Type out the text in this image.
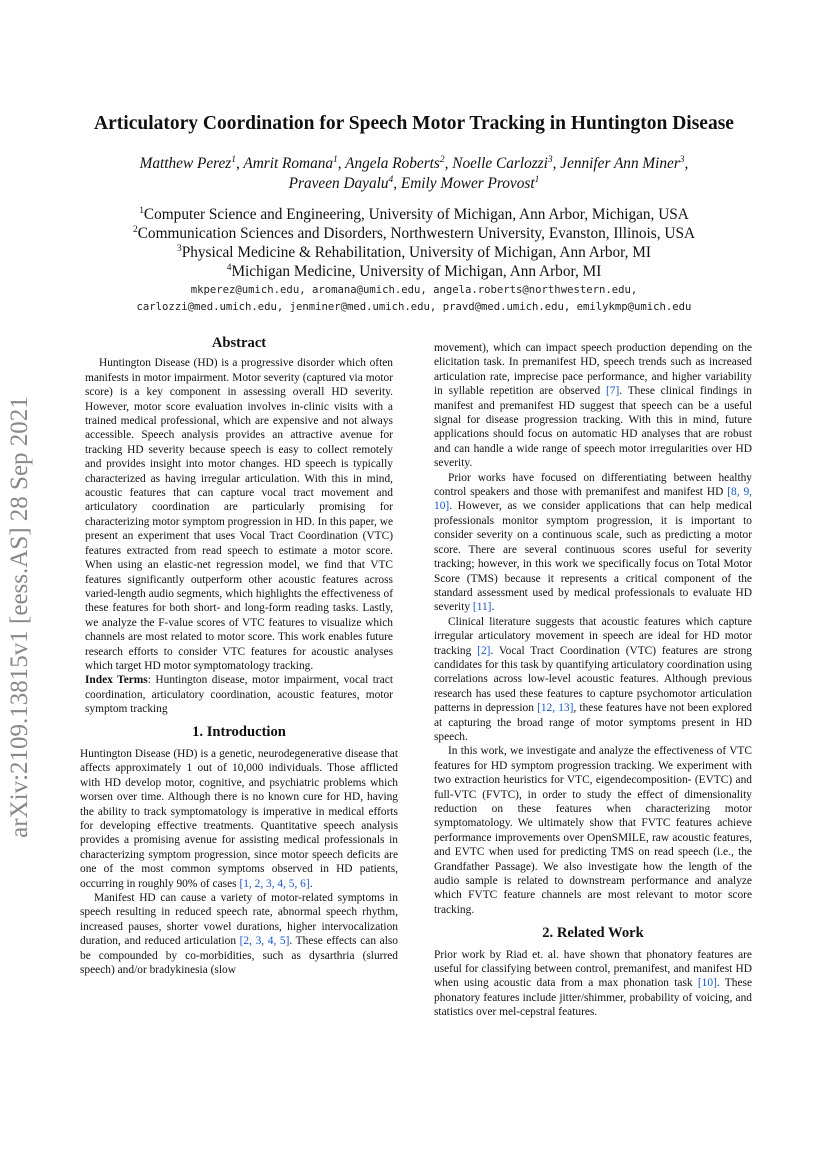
Articulatory Coordination for Speech Motor Tracking in Huntington Disease
Matthew Perez$^1$, Amrit Romana$^1$, Angela Roberts$^2$, Noelle Carlozzi$^3$, Jennifer Ann Miner$^3$,
Praveen Dayalu$^4$, Emily Mower Provost$^1$
$^1$Computer Science and Engineering, University of Michigan, Ann Arbor, Michigan, USA
$^2$Communication Sciences and Disorders, Northwestern University, Evanston, Illinois, USA
$^3$Physical Medicine & Rehabilitation, University of Michigan, Ann Arbor, MI
$^4$Michigan Medicine, University of Michigan, Ann Arbor, MI
mkperez@umich.edu, aromana@umich.edu, angela.roberts@northwestern.edu,
carlozzi@med.umich.edu, jenminer@med.umich.edu, pravd@med.umich.edu, emilykmp@umich.edu
arXiv:2109.13815v1 [eess.AS] 28 Sep 2021
Abstract

Huntington Disease (HD) is a progressive disorder which often manifests in motor impairment. Motor severity (captured via motor score) is a key component in assessing overall HD severity. However, motor score evaluation involves in-clinic visits with a trained medical professional, which are expensive and not always accessible. Speech analysis provides an attractive avenue for tracking HD severity because speech is easy to collect remotely and provides insight into motor changes. HD speech is typically characterized as having irregular articulation. With this in mind, acoustic features that can capture vocal tract movement and articulatory coordination are particularly promising for characterizing motor symptom progression in HD. In this paper, we present an experiment that uses Vocal Tract Coordination (VTC) features extracted from read speech to estimate a motor score. When using an elastic-net regression model, we find that VTC features significantly outperform other acoustic features across varied-length audio segments, which highlights the effectiveness of these features for both short- and long-form reading tasks. Lastly, we analyze the F-value scores of VTC features to visualize which channels are most related to motor score. This work enables future research efforts to consider VTC features for acoustic analyses which target HD motor symptomatology tracking.

Index Terms: Huntington disease, motor impairment, vocal tract coordination, articulatory coordination, acoustic features, motor symptom tracking

1. Introduction

Huntington Disease (HD) is a genetic, neurodegenerative disease that affects approximately 1 out of 10,000 individuals. Those afflicted with HD develop motor, cognitive, and psychiatric problems which worsen over time. Although there is no known cure for HD, having the ability to track symptomatology is imperative in medical efforts for developing effective treatments. Quantitative speech analysis provides a promising avenue for assisting medical professionals in characterizing symptom progression, since motor speech deficits are one of the most common symptoms observed in HD patients, occurring in roughly 90% of cases [1, 2, 3, 4, 5, 6].

Manifest HD can cause a variety of motor-related symptoms in speech resulting in reduced speech rate, abnormal speech rhythm, increased pauses, shorter vowel durations, higher intervocalization duration, and reduced articulation [2, 3, 4, 5]. These effects can also be compounded by co-morbidities, such as dysarthria (slurred speech) and/or bradykinesia (slow

movement), which can impact speech production depending on the elicitation task. In premanifest HD, speech trends such as increased articulation rate, imprecise pace performance, and higher variability in syllable repetition are observed [7]. These clinical findings in manifest and premanifest HD suggest that speech can be a useful signal for disease progression tracking. With this in mind, future applications should focus on automatic HD analyses that are robust and can handle a wide range of speech motor irregularities over HD severity.

Prior works have focused on differentiating between healthy control speakers and those with premanifest and manifest HD [8, 9, 10]. However, as we consider applications that can help medical professionals monitor symptom progression, it is important to consider severity on a continuous scale, such as predicting a motor score. There are several continuous scores useful for severity tracking; however, in this work we specifically focus on Total Motor Score (TMS) because it represents a critical component of the standard assessment used by medical professionals to evaluate HD severity [11].

Clinical literature suggests that acoustic features which capture irregular articulatory movement in speech are ideal for HD motor tracking [2]. Vocal Tract Coordination (VTC) features are strong candidates for this task by quantifying articulatory coordination using correlations across low-level acoustic features. Although previous research has used these features to capture psychomotor articulation patterns in depression [12, 13], these features have not been explored at capturing the broad range of motor symptoms present in HD speech.

In this work, we investigate and analyze the effectiveness of VTC features for HD symptom progression tracking. We experiment with two extraction heuristics for VTC, eigendecomposition- (EVTC) and full-VTC (FVTC), in order to study the effect of dimensionality reduction on these features when characterizing motor symptomatology. We ultimately show that FVTC features achieve performance improvements over OpenSMILE, raw acoustic features, and EVTC when used for predicting TMS on read speech (i.e., the Grandfather Passage). We also investigate how the length of the audio sample is related to downstream performance and analyze which FVTC feature channels are most relevant to motor score tracking.

2. Related Work

Prior work by Riad et. al. have shown that phonatory features are useful for classifying between control, premanifest, and manifest HD when using acoustic data from a max phonation task [10]. These phonatory features include jitter/shimmer, probability of voicing, and statistics over mel-cepstral features.
